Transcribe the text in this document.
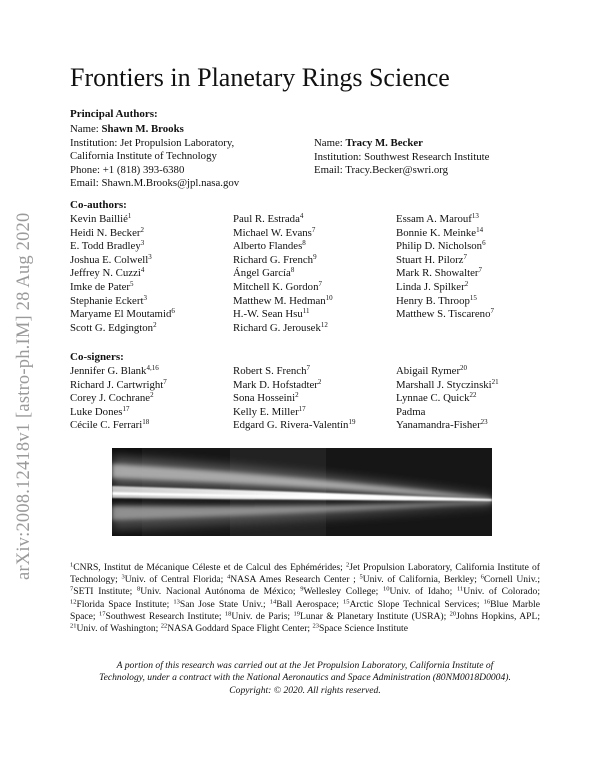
arXiv:2008.12418v1 [astro-ph.IM] 28 Aug 2020
Frontiers in Planetary Rings Science
Principal Authors:
Name: Shawn M. Brooks
Institution: Jet Propulsion Laboratory,
California Institute of Technology
Phone: +1 (818) 393-6380
Email: Shawn.M.Brooks@jpl.nasa.gov
Name: Tracy M. Becker
Institution: Southwest Research Institute
Email: Tracy.Becker@swri.org
Co-authors:
Kevin Baillié$^1$
Heidi N. Becker$^2$
E. Todd Bradley$^3$
Joshua E. Colwell$^3$
Jeffrey N. Cuzzi$^4$
Imke de Pater$^5$
Stephanie Eckert$^3$
Maryame El Moutamid$^6$
Scott G. Edgington$^2$
Paul R. Estrada$^4$
Michael W. Evans$^7$
Alberto Flandes$^8$
Richard G. French$^9$
Ángel García$^8$
Mitchell K. Gordon$^7$
Matthew M. Hedman$^{10}$
H.-W. Sean Hsu$^{11}$
Richard G. Jerousek$^{12}$
Essam A. Marouf$^{13}$
Bonnie K. Meinke$^{14}$
Philip D. Nicholson$^6$
Stuart H. Pilorz$^7$
Mark R. Showalter$^7$
Linda J. Spilker$^2$
Henry B. Throop$^{15}$
Matthew S. Tiscareno$^7$
Co-signers:
Jennifer G. Blank$^{4,16}$
Richard J. Cartwright$^7$
Corey J. Cochrane$^2$
Luke Dones$^{17}$
Cécile C. Ferrari$^{18}$
Robert S. French$^7$
Mark D. Hofstadter$^2$
Sona Hosseini$^2$
Kelly E. Miller$^{17}$
Edgard G. Rivera-Valentín$^{19}$
Abigail Rymer$^{20}$
Marshall J. Styczinski$^{21}$
Lynnae C. Quick$^{22}$
Padma
Yanamandra-Fisher$^{23}$

$^1$CNRS, Institut de Mécanique Céleste et de Calcul des Ephémérides; $^2$Jet Propulsion Laboratory, California Institute of Technology; $^3$Univ. of Central Florida; $^4$NASA Ames Research Center ; $^5$Univ. of California, Berkley; $^6$Cornell Univ.; $^7$SETI Institute; $^8$Univ. Nacional Autónoma de México; $^9$Wellesley College; $^{10}$Univ. of Idaho; $^{11}$Univ. of Colorado; $^{12}$Florida Space Institute; $^{13}$San Jose State Univ.; $^{14}$Ball Aerospace; $^{15}$Arctic Slope Technical Services; $^{16}$Blue Marble Space; $^{17}$Southwest Research Institute; $^{18}$Univ. de Paris; $^{19}$Lunar & Planetary Institute (USRA); $^{20}$Johns Hopkins, APL; $^{21}$Univ. of Washington; $^{22}$NASA Goddard Space Flight Center; $^{23}$Space Science Institute

A portion of this research was carried out at the Jet Propulsion Laboratory, California Institute of

Technology, under a contract with the National Aeronautics and Space Administration (80NM0018D0004).

Copyright: © 2020. All rights reserved.
